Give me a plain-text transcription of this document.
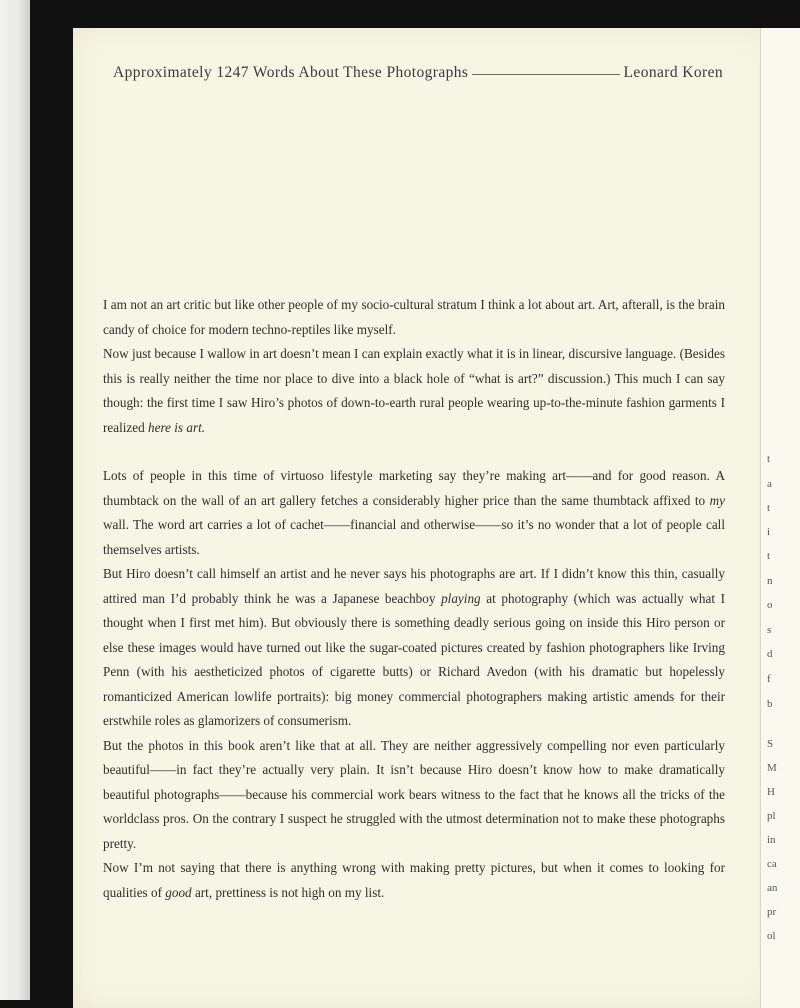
Approximately 1247 Words About These Photographs	Leonard Koren

I am not an art critic but like other people of my socio-cultural stratum I think a lot about art. Art, afterall, is the brain candy of choice for modern techno-reptiles like myself.

Now just because I wallow in art doesn’t mean I can explain exactly what it is in linear, discursive language. (Besides this is really neither the time nor place to dive into a black hole of “what is art?” discussion.) This much I can say though: the first time I saw Hiro’s photos of down-to-earth rural people wearing up-to-the-minute fashion garments I realized here is art.

Lots of people in this time of virtuoso lifestyle marketing say they’re making art——and for good reason. A thumbtack on the wall of an art gallery fetches a considerably higher price than the same thumbtack affixed to my wall. The word art carries a lot of cachet——financial and otherwise——so it’s no wonder that a lot of people call themselves artists.

But Hiro doesn’t call himself an artist and he never says his photographs are art. If I didn’t know this thin, casually attired man I’d probably think he was a Japanese beachboy playing at photography (which was actually what I thought when I first met him). But obviously there is something deadly serious going on inside this Hiro person or else these images would have turned out like the sugar-coated pictures created by fashion photographers like Irving Penn (with his aestheticized photos of cigarette butts) or Richard Avedon (with his dramatic but hopelessly romanticized American lowlife portraits): big money commercial photographers making artistic amends for their erstwhile roles as glamorizers of consumerism.

But the photos in this book aren’t like that at all. They are neither aggressively compelling nor even particularly beautiful——in fact they’re actually very plain. It isn’t because Hiro doesn’t know how to make dramatically beautiful photographs——because his commercial work bears witness to the fact that he knows all the tricks of the worldclass pros. On the contrary I suspect he struggled with the utmost determination not to make these photographs pretty.

Now I’m not saying that there is anything wrong with making pretty pictures, but when it comes to looking for qualities of good art, prettiness is not high on my list.

t
a
t
i
t
n
o
s
d
f
b
S
M
H
pl
in
ca
an
pr
ol
